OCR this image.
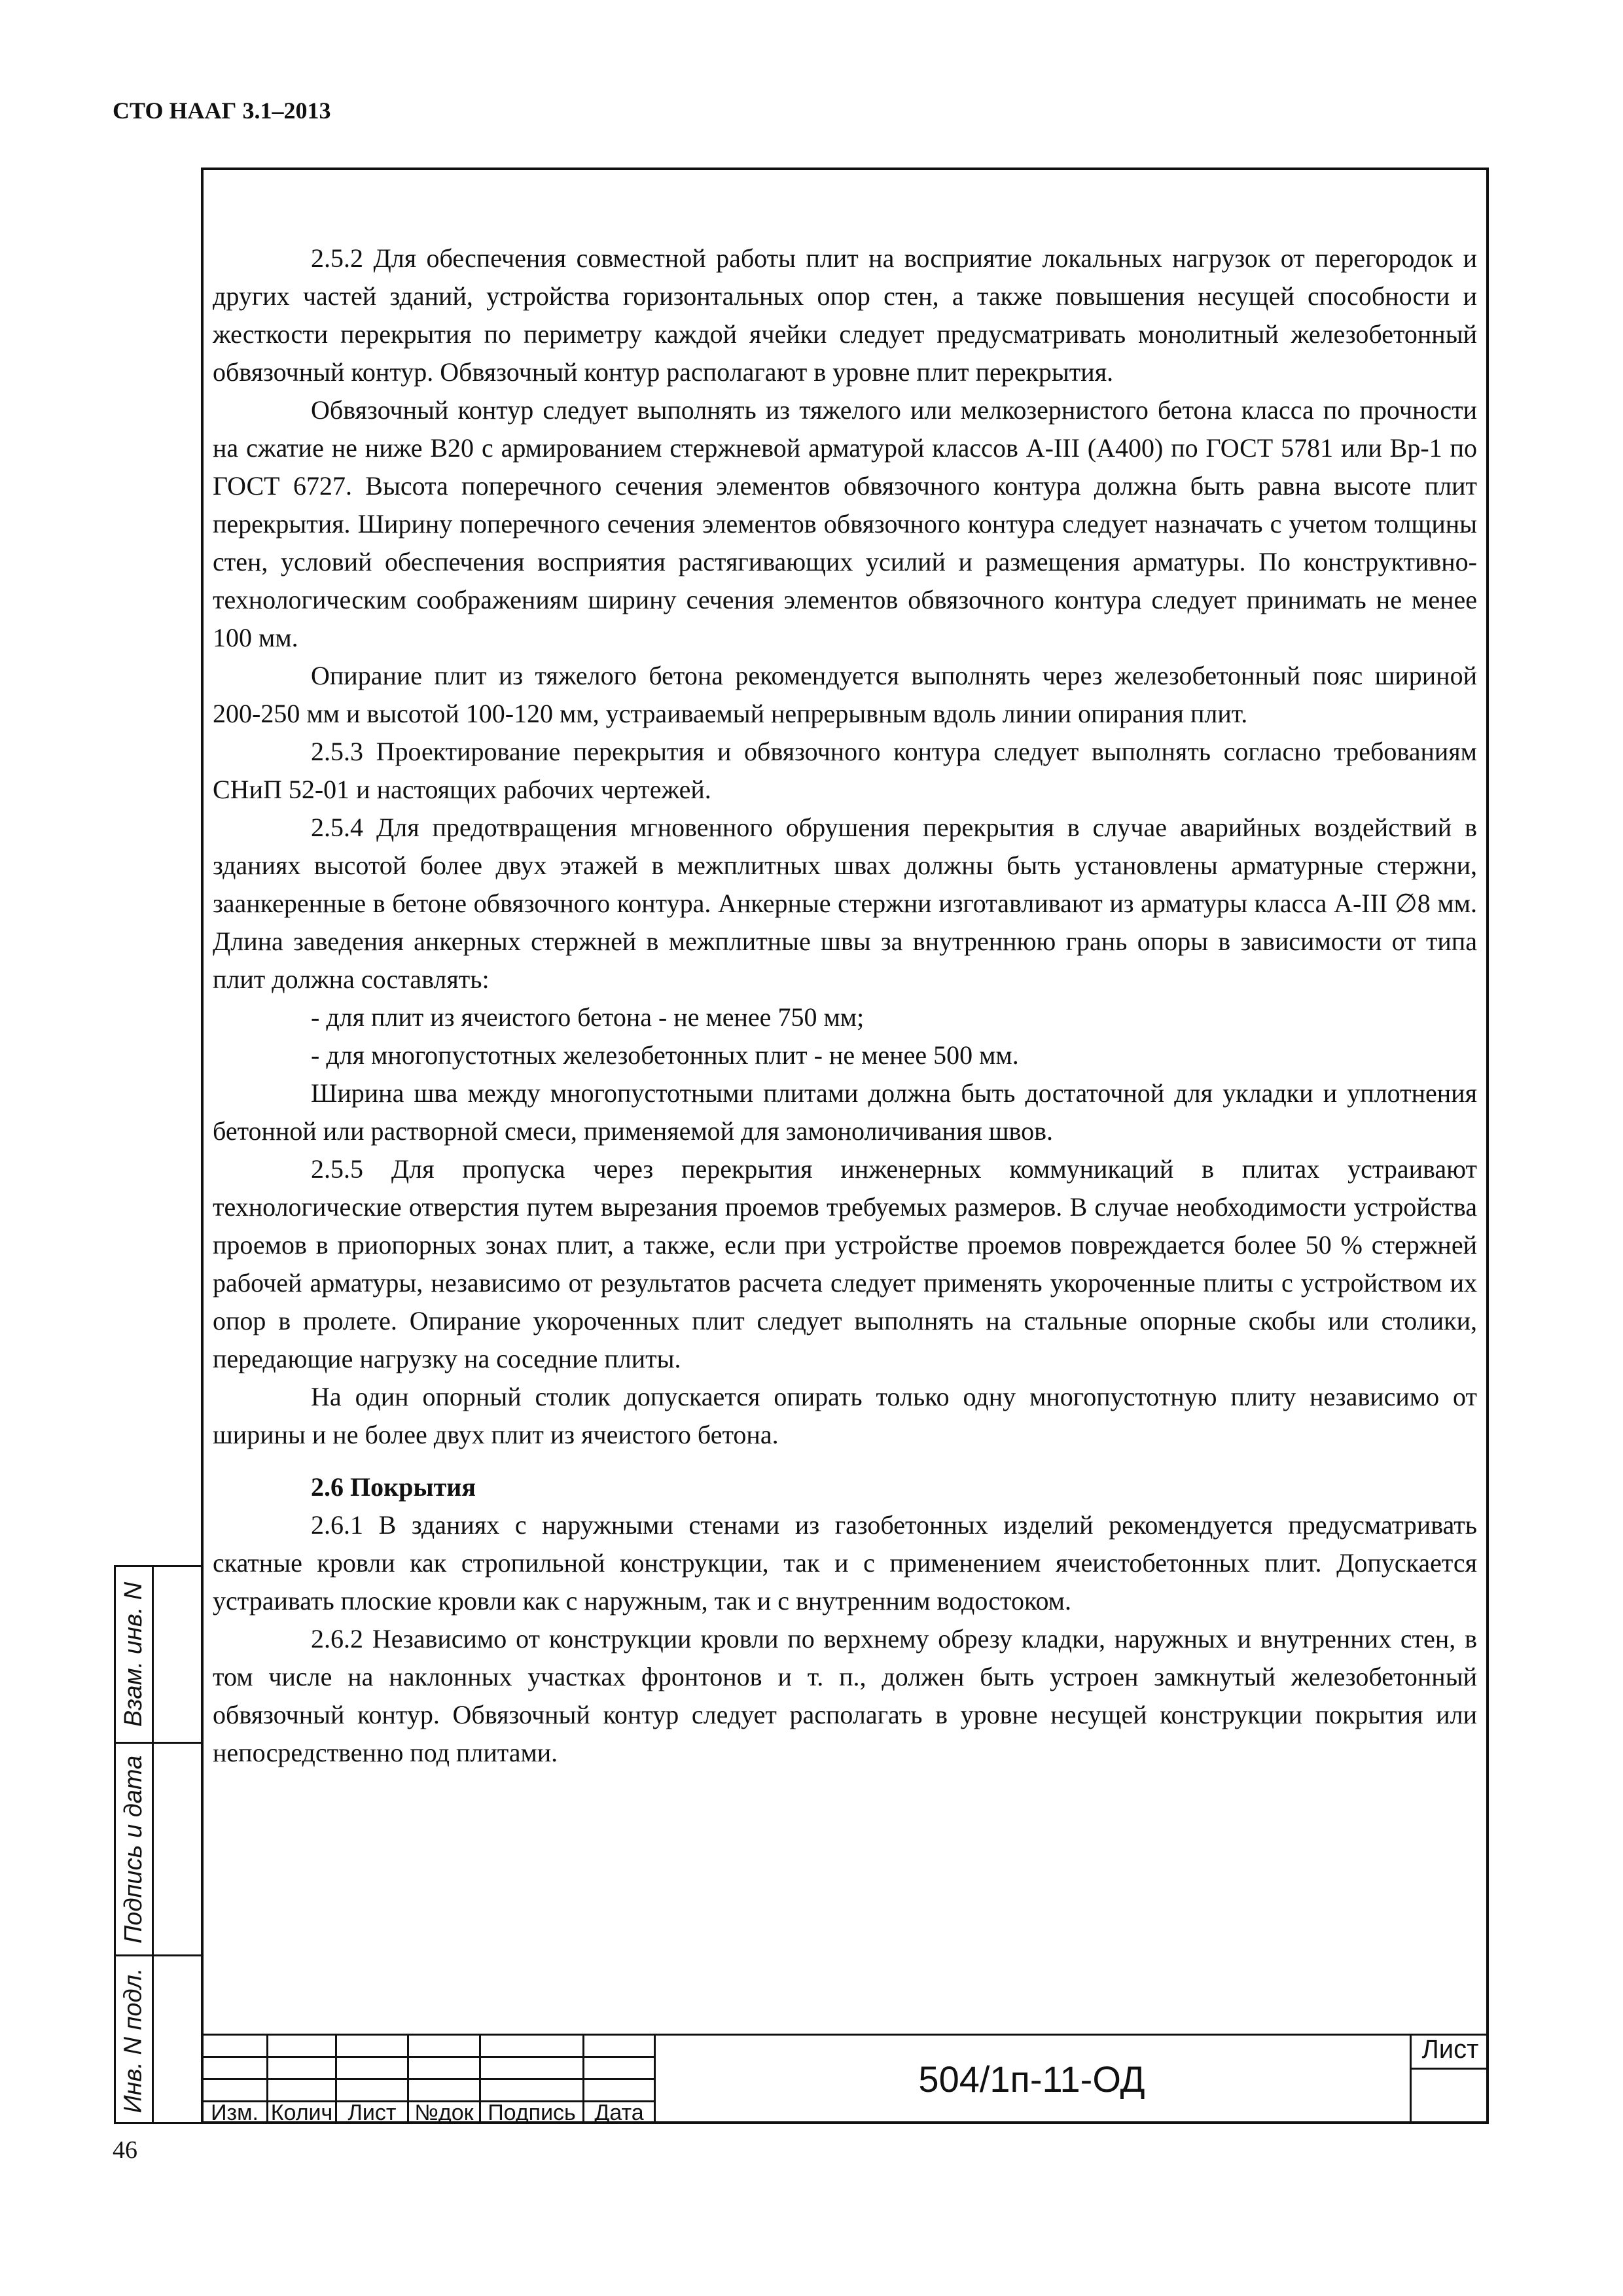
СТО НААГ 3.1–2013

2.5.2 Для обеспечения совместной работы плит на восприятие локальных нагрузок от перегородок и других частей зданий, устройства горизонтальных опор стен, а также повышения несущей способности и жесткости перекрытия по периметру каждой ячейки следует предусматривать монолитный железобетонный обвязочный контур. Обвязочный контур располагают в уровне плит перекрытия.

Обвязочный контур следует выполнять из тяжелого или мелкозернистого бетона класса по прочности на сжатие не ниже В20 с армированием стержневой арматурой классов А-III (А400) по ГОСТ 5781 или Вр-1 по ГОСТ 6727. Высота поперечного сечения элементов обвязочного контура должна быть равна высоте плит перекрытия. Ширину поперечного сечения элементов обвязочного контура следует назначать с учетом толщины стен, условий обеспечения восприятия растягивающих усилий и размещения арматуры. По конструктивно-технологическим соображениям ширину сечения элементов обвязочного контура следует принимать не менее 100 мм.

Опирание плит из тяжелого бетона рекомендуется выполнять через железобетонный пояс шириной 200-250 мм и высотой 100-120 мм, устраиваемый непрерывным вдоль линии опирания плит.

2.5.3 Проектирование перекрытия и обвязочного контура следует выполнять согласно требованиям СНиП 52-01 и настоящих рабочих чертежей.

2.5.4 Для предотвращения мгновенного обрушения перекрытия в случае аварийных воздействий в зданиях высотой более двух этажей в межплитных швах должны быть установлены арматурные стержни, заанкеренные в бетоне обвязочного контура. Анкерные стержни изготавливают из арматуры класса А-III ∅8 мм. Длина заведения анкерных стержней в межплитные швы за внутреннюю грань опоры в зависимости от типа плит должна составлять:

- для плит из ячеистого бетона - не менее 750 мм;

- для многопустотных железобетонных плит - не менее 500 мм.

Ширина шва между многопустотными плитами должна быть достаточной для укладки и уплотнения бетонной или растворной смеси, применяемой для замоноличивания швов.

2.5.5 Для пропуска через перекрытия инженерных коммуникаций в плитах устраивают технологические отверстия путем вырезания проемов требуемых размеров. В случае необходимости устройства проемов в приопорных зонах плит, а также, если при устройстве проемов повреждается более 50 % стержней рабочей арматуры, независимо от результатов расчета следует применять укороченные плиты с устройством их опор в пролете. Опирание укороченных плит следует выполнять на стальные опорные скобы или столики, передающие нагрузку на соседние плиты.

На один опорный столик допускается опирать только одну многопустотную плиту независимо от ширины и не более двух плит из ячеистого бетона.

2.6 Покрытия

2.6.1 В зданиях с наружными стенами из газобетонных изделий рекомендуется предусматривать скатные кровли как стропильной конструкции, так и с применением ячеистобетонных плит. Допускается устраивать плоские кровли как с наружным, так и с внутренним водостоком.

2.6.2 Независимо от конструкции кровли по верхнему обрезу кладки, наружных и внутренних стен, в том числе на наклонных участках фронтонов и т. п., должен быть устроен замкнутый железобетонный обвязочный контур. Обвязочный контур следует располагать в уровне несущей конструкции покрытия или непосредственно под плитами.

Взам. инв. N
Подпись и дата
Инв. N подл.	Изм. Колич Лист №док Подпись Дата
504/1п-11-ОД
Лист
46
